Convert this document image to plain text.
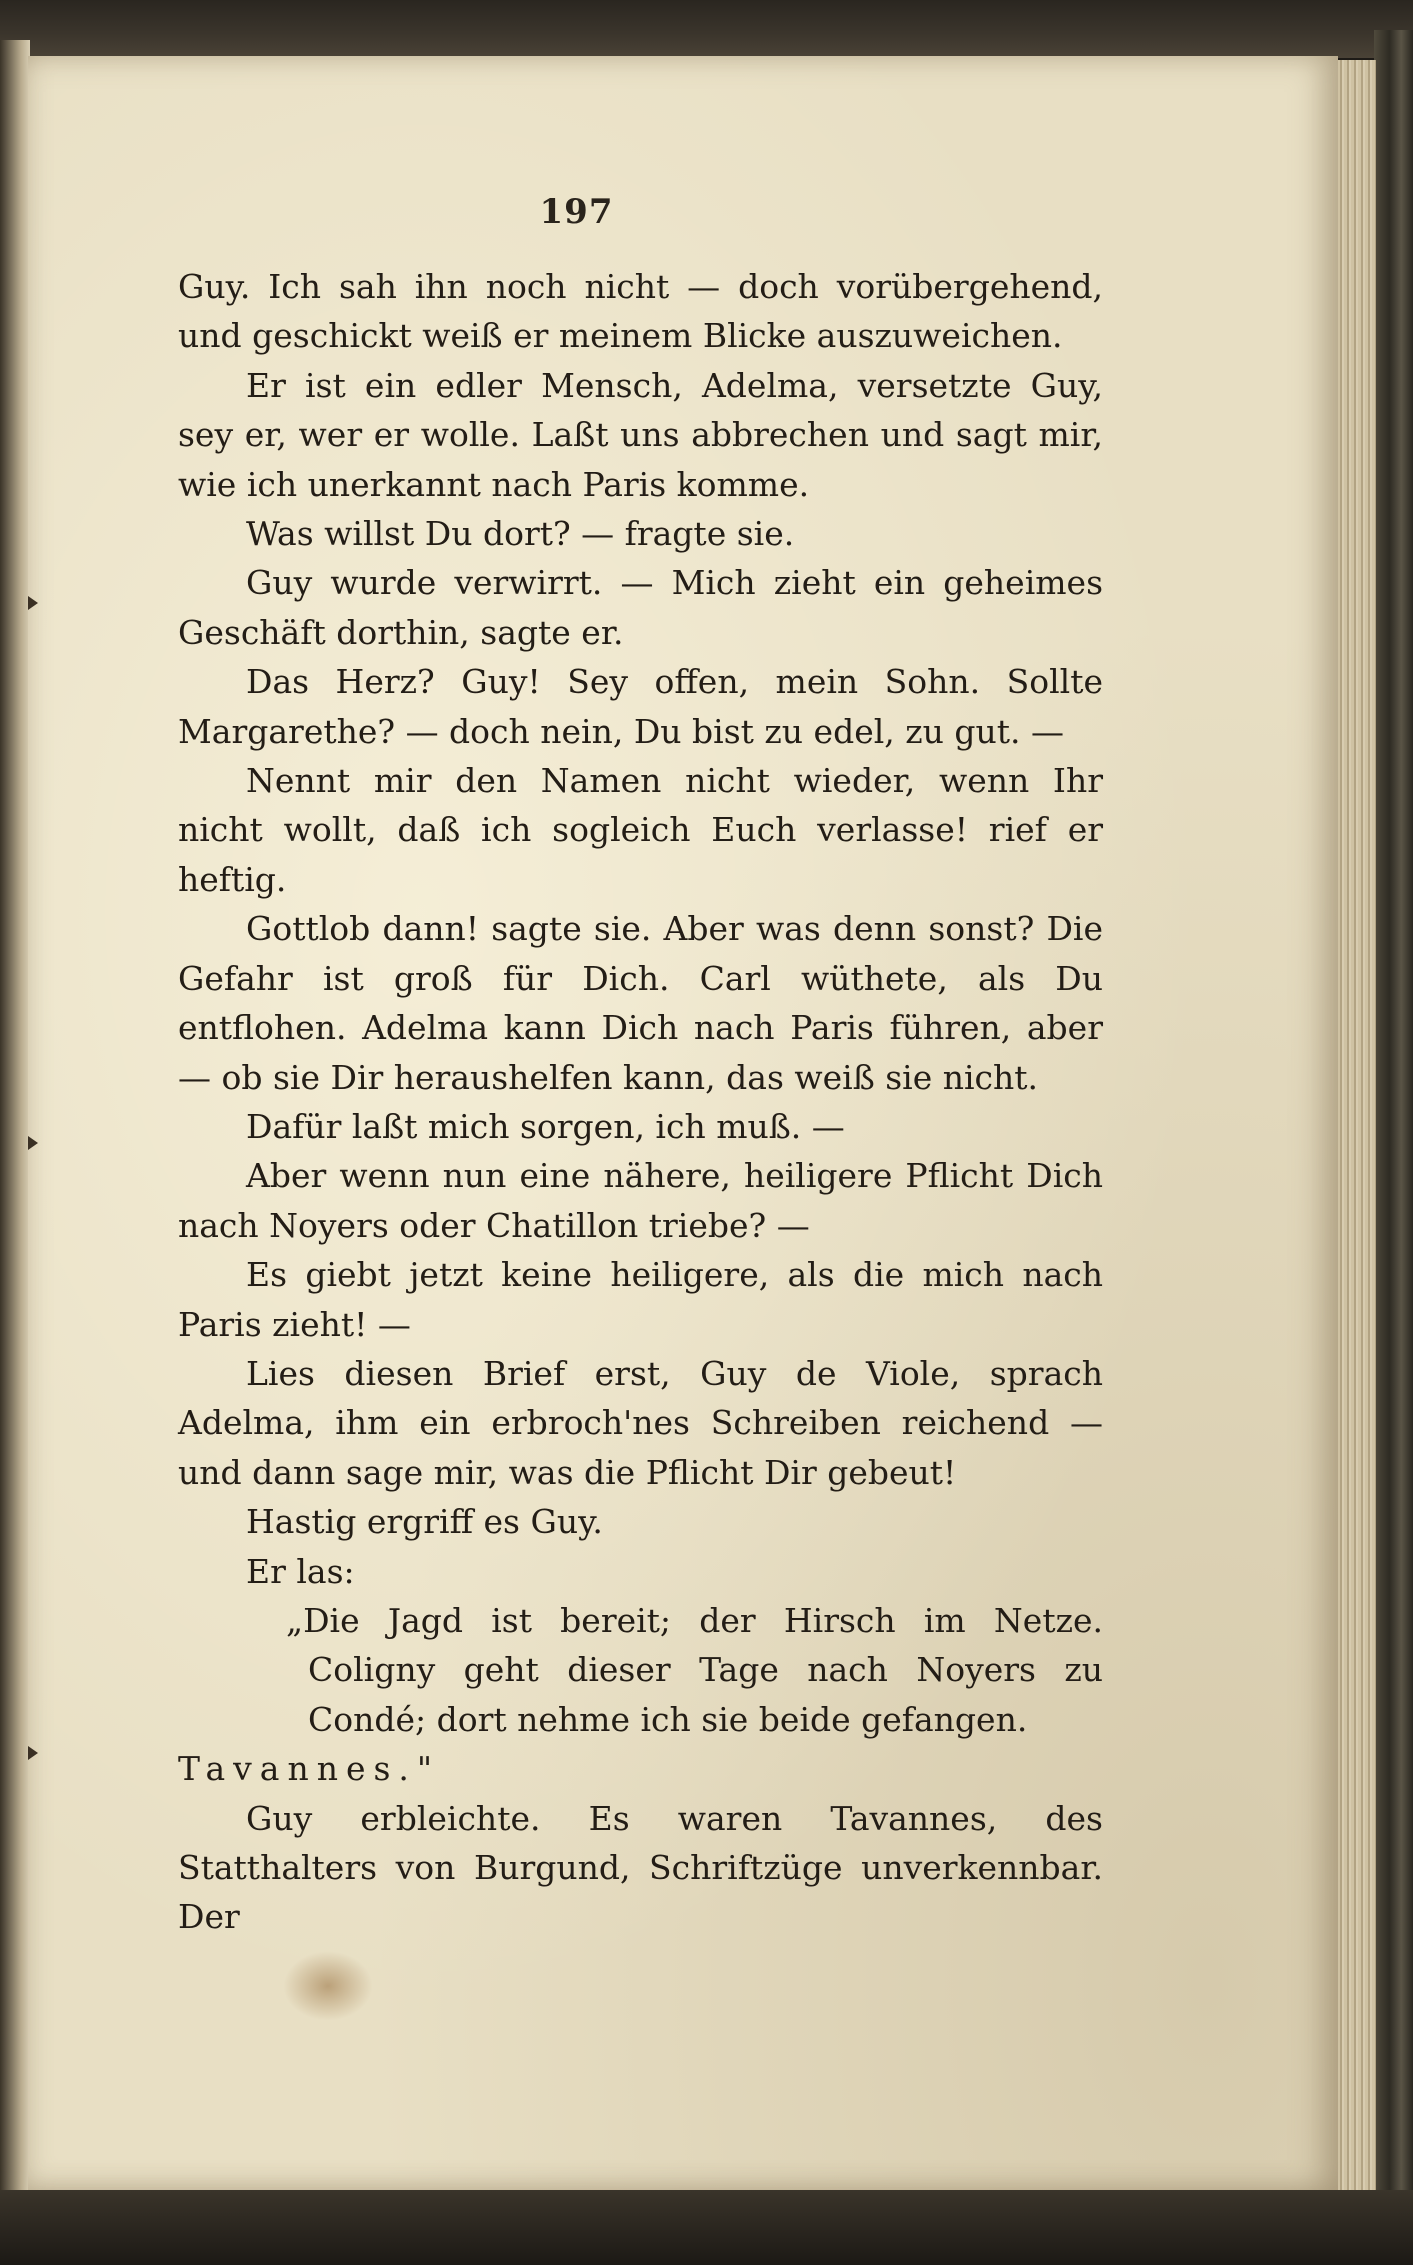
197
Guy. Ich sah ihn noch nicht — doch vorübergehend, und geschickt weiß er meinem Blicke auszuweichen.
Er ist ein edler Mensch, Adelma, versetzte Guy, sey er, wer er wolle. Laßt uns abbrechen und sagt mir, wie ich unerkannt nach Paris komme.
Was willst Du dort? — fragte sie.
Guy wurde verwirrt. — Mich zieht ein geheimes Geschäft dorthin, sagte er.
Das Herz? Guy! Sey offen, mein Sohn. Sollte Margarethe? — doch nein, Du bist zu edel, zu gut. —
Nennt mir den Namen nicht wieder, wenn Ihr nicht wollt, daß ich sogleich Euch verlasse! rief er heftig.
Gottlob dann! sagte sie. Aber was denn sonst? Die Gefahr ist groß für Dich. Carl wüthete, als Du entflohen. Adelma kann Dich nach Paris führen, aber — ob sie Dir heraushelfen kann, das weiß sie nicht.
Dafür laßt mich sorgen, ich muß. —
Aber wenn nun eine nähere, heiligere Pflicht Dich nach Noyers oder Chatillon triebe? —
Es giebt jetzt keine heiligere, als die mich nach Paris zieht! —
Lies diesen Brief erst, Guy de Viole, sprach Adelma, ihm ein erbroch'nes Schreiben reichend — und dann sage mir, was die Pflicht Dir gebeut!
Hastig ergriff es Guy.
Er las:
„Die Jagd ist bereit; der Hirsch im Netze. Coligny geht dieser Tage nach Noyers zu Condé; dort nehme ich sie beide gefangen.
Tavannes."
Guy erbleichte. Es waren Tavannes, des Statthalters von Burgund, Schriftzüge unverkennbar. Der
